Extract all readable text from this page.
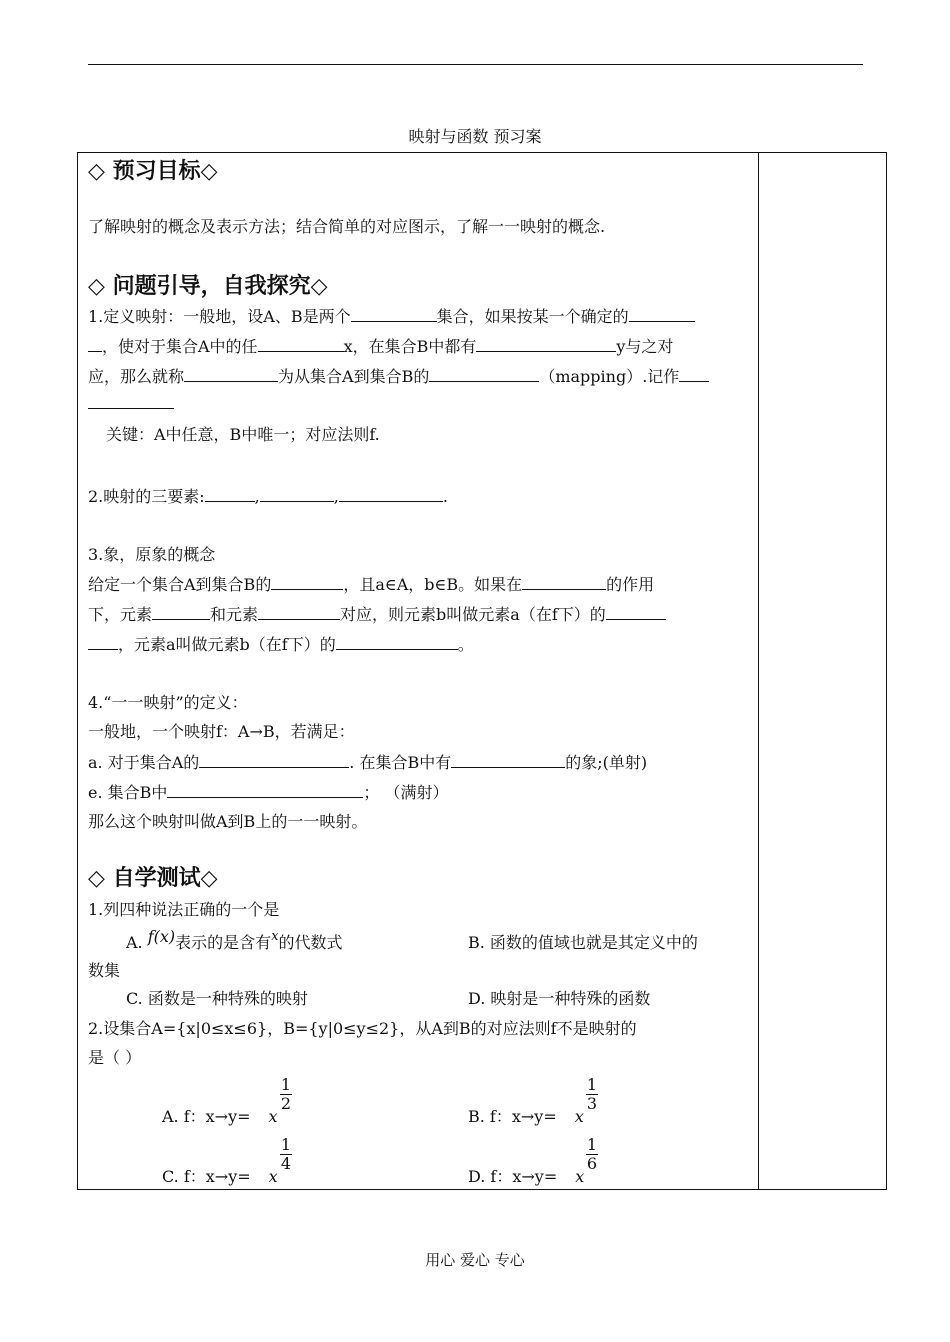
映射与函数 预习案
◇ 预习目标◇
了解映射的概念及表示方法；结合简单的对应图示，了解一一映射的概念.
◇ 问题引导，自我探究◇
1.定义映射：一般地，设A、B是两个	集合，如果按某一个确定的
，使对于集合A中的任	x，在集合B中都有	y与之对
应，那么就称	为从集合A到集合B的	（mapping）.记作
关键：A中任意，B中唯一；对应法则f.
2.映射的三要素:	,	,	.
3.象，原象的概念
给定一个集合A到集合B的	，且a∈A，b∈B。如果在	的作用
下，元素	和元素	对应，则元素b叫做元素a（在f下）的
，元素a叫做元素b（在f下）的	。
4.“一一映射”的定义：
一般地，一个映射f：A→B，若满足：
a. 对于集合A的	. 在集合B中有	的象;(单射)
e. 集合B中	； （满射）
那么这个映射叫做A到B上的一一映射。
◇ 自学测试◇
1.列四种说法正确的一个是
A. f(x)表示的是含有$^x$的代数式	B. 函数的值域也就是其定义中的
数集
C. 函数是一种特殊的映射	D. 映射是一种特殊的函数
2.设集合A={x|0≤x≤6}，B={y|0≤y≤2}，从A到B的对应法则f不是映射的
是（ ）
A. f：x→y= x
1
2
B. f：x→y= x
1
3
C. f：x→y= x
1
4
D. f：x→y= x
1
6
用心 爱心 专心
